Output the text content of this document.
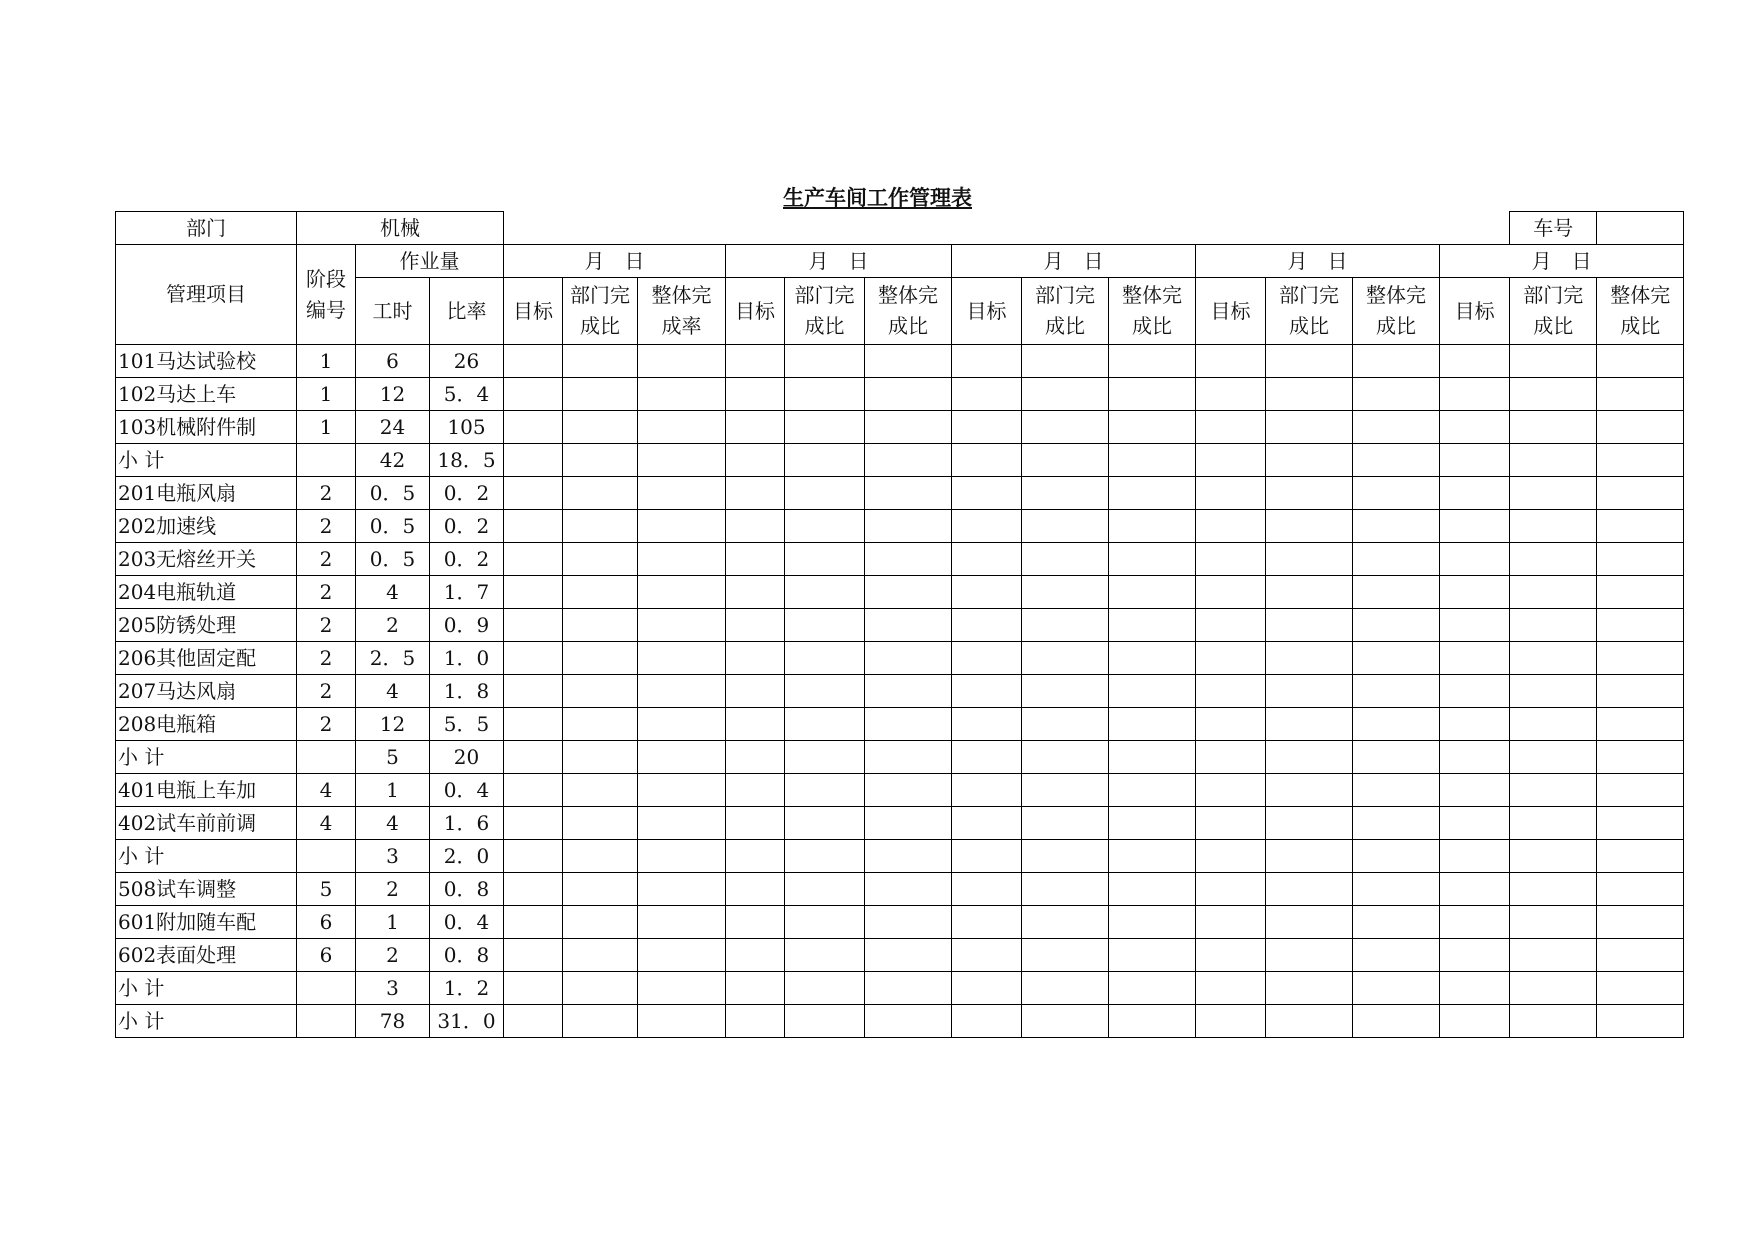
生产车间工作管理表
部门	机械																车号	
管理项目	阶段编号	作业量		月　日			月　日			月　日			月　日			月　日		
		工时	比率	目标	部门完成比	整体完成率	目标	部门完成比	整体完成比	目标	部门完成比	整体完成比	目标	部门完成比	整体完成比	目标	部门完成比	整体完成比
101马达试验校	1	6	26															
102马达上车	1	12	5．4															
103机械附件制	1	24	105															
小 计		42	18．5															
201电瓶风扇	2	0．5	0．2															
202加速线	2	0．5	0．2															
203无熔丝开关	2	0．5	0．2															
204电瓶轨道	2	4	1．7															
205防锈处理	2	2	0．9															
206其他固定配	2	2．5	1．0															
207马达风扇	2	4	1．8															
208电瓶箱	2	12	5．5															
小 计		5	20															
401电瓶上车加	4	1	0．4															
402试车前前调	4	4	1．6															
小 计		3	2．0															
508试车调整	5	2	0．8															
601附加随车配	6	1	0．4															
602表面处理	6	2	0．8															
小 计		3	1．2															
小 计		78	31．0															
